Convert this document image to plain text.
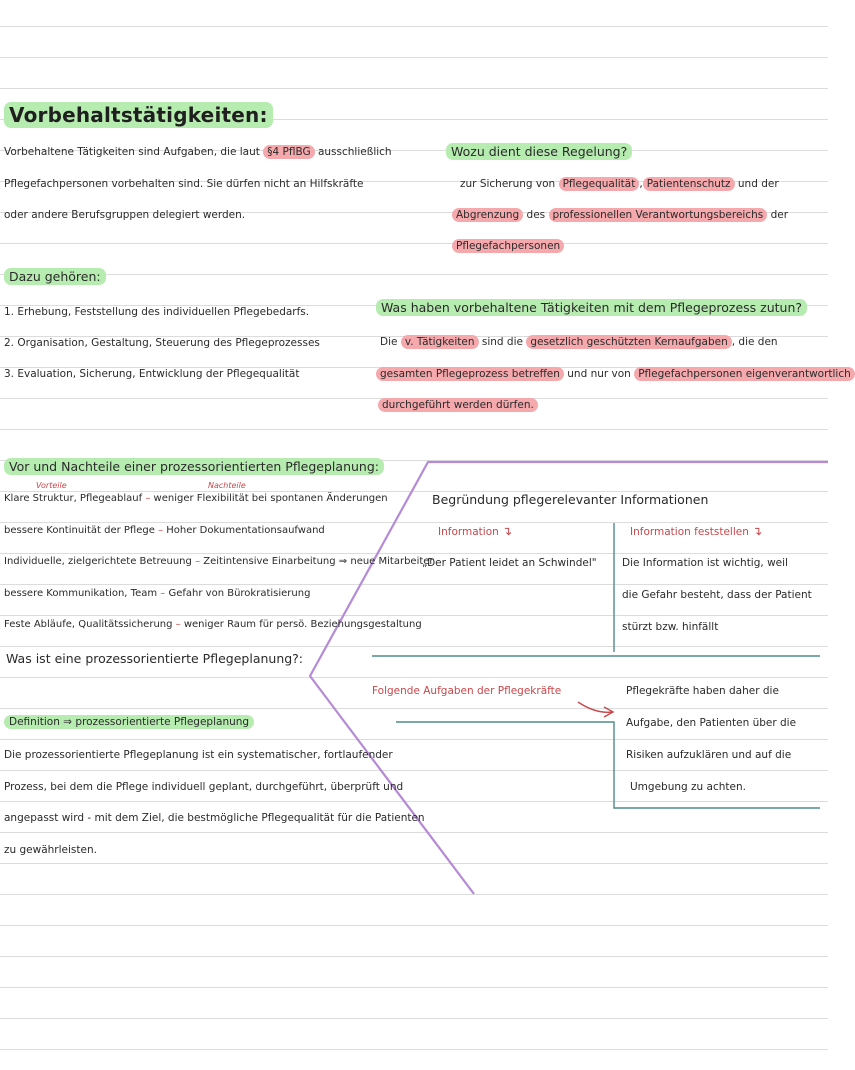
Vorbehaltstätigkeiten:
Vorbehaltene Tätigkeiten sind Aufgaben, die laut §4 PflBG ausschließlich
Pflegefachpersonen vorbehalten sind. Sie dürfen nicht an Hilfskräfte
oder andere Berufsgruppen delegiert werden.
Wozu dient diese Regelung?
zur Sicherung von Pflegequalität , Patientenschutz und der
Abgrenzung des professionellen Verantwortungsbereichs der
Pflegefachpersonen
Dazu gehören:
1. Erhebung, Feststellung des individuellen Pflegebedarfs.
2. Organisation, Gestaltung, Steuerung des Pflegeprozesses
3. Evaluation, Sicherung, Entwicklung der Pflegequalität
Was haben vorbehaltene Tätigkeiten mit dem Pflegeprozess zutun?
Die v. Tätigkeiten sind die gesetzlich geschützten Kernaufgaben , die den
gesamten Pflegeprozess betreffen und nur von Pflegefachpersonen eigenverantwortlich
durchgeführt werden dürfen.
Vor und Nachteile einer prozessorientierten Pflegeplanung:
Vorteile	Nachteile
Klare Struktur, Pflegeablauf – weniger Flexibilität bei spontanen Änderungen
bessere Kontinuität der Pflege – Hoher Dokumentationsaufwand
Individuelle, zielgerichtete Betreuung – Zeitintensive Einarbeitung ⇒ neue Mitarbeiter
bessere Kommunikation, Team – Gefahr von Bürokratisierung
Feste Abläufe, Qualitätssicherung – weniger Raum für persö. Beziehungsgestaltung
Was ist eine prozessorientierte Pflegeplanung?:
Definition ⇒ prozessorientierte Pflegeplanung
Die prozessorientierte Pflegeplanung ist ein systematischer, fortlaufender
Prozess, bei dem die Pflege individuell geplant, durchgeführt, überprüft und
angepasst wird - mit dem Ziel, die bestmögliche Pflegequalität für die Patienten
zu gewährleisten.
Begründung pflegerelevanter Informationen
Information ↴	Information feststellen ↴
„Der Patient leidet an Schwindel" Die Information ist wichtig, weil
die Gefahr besteht, dass der Patient
stürzt bzw. hinfällt
Folgende Aufgaben der Pflegekräfte	Pflegekräfte haben daher die
Aufgabe, den Patienten über die
Risiken aufzuklären und auf die
Umgebung zu achten.
